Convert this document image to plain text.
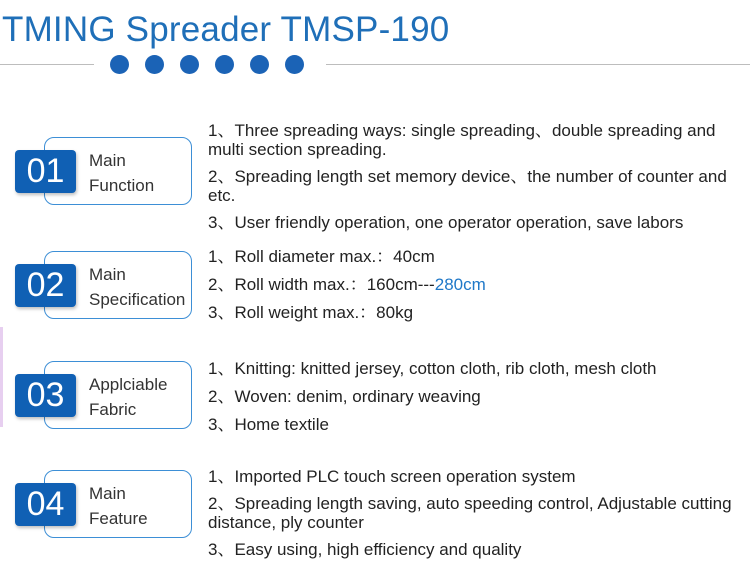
TMING Spreader TMSP-190
Main
Function
01
1、Three spreading ways: single spreading、double spreading and multi section spreading.
2、Spreading length set memory device、the number of counter and etc.
3、User friendly operation, one operator operation, save labors
Main
Specification
02
1、Roll diameter max.：40cm
2、Roll width max.：160cm---280cm
3、Roll weight max.：80kg
Applciable
Fabric
03
1、Knitting: knitted jersey, cotton cloth, rib cloth, mesh cloth
2、Woven: denim, ordinary weaving
3、Home textile
Main
Feature
04
1、Imported PLC touch screen operation system
2、Spreading length saving, auto speeding control, Adjustable cutting distance, ply counter
3、Easy using, high efficiency and quality
